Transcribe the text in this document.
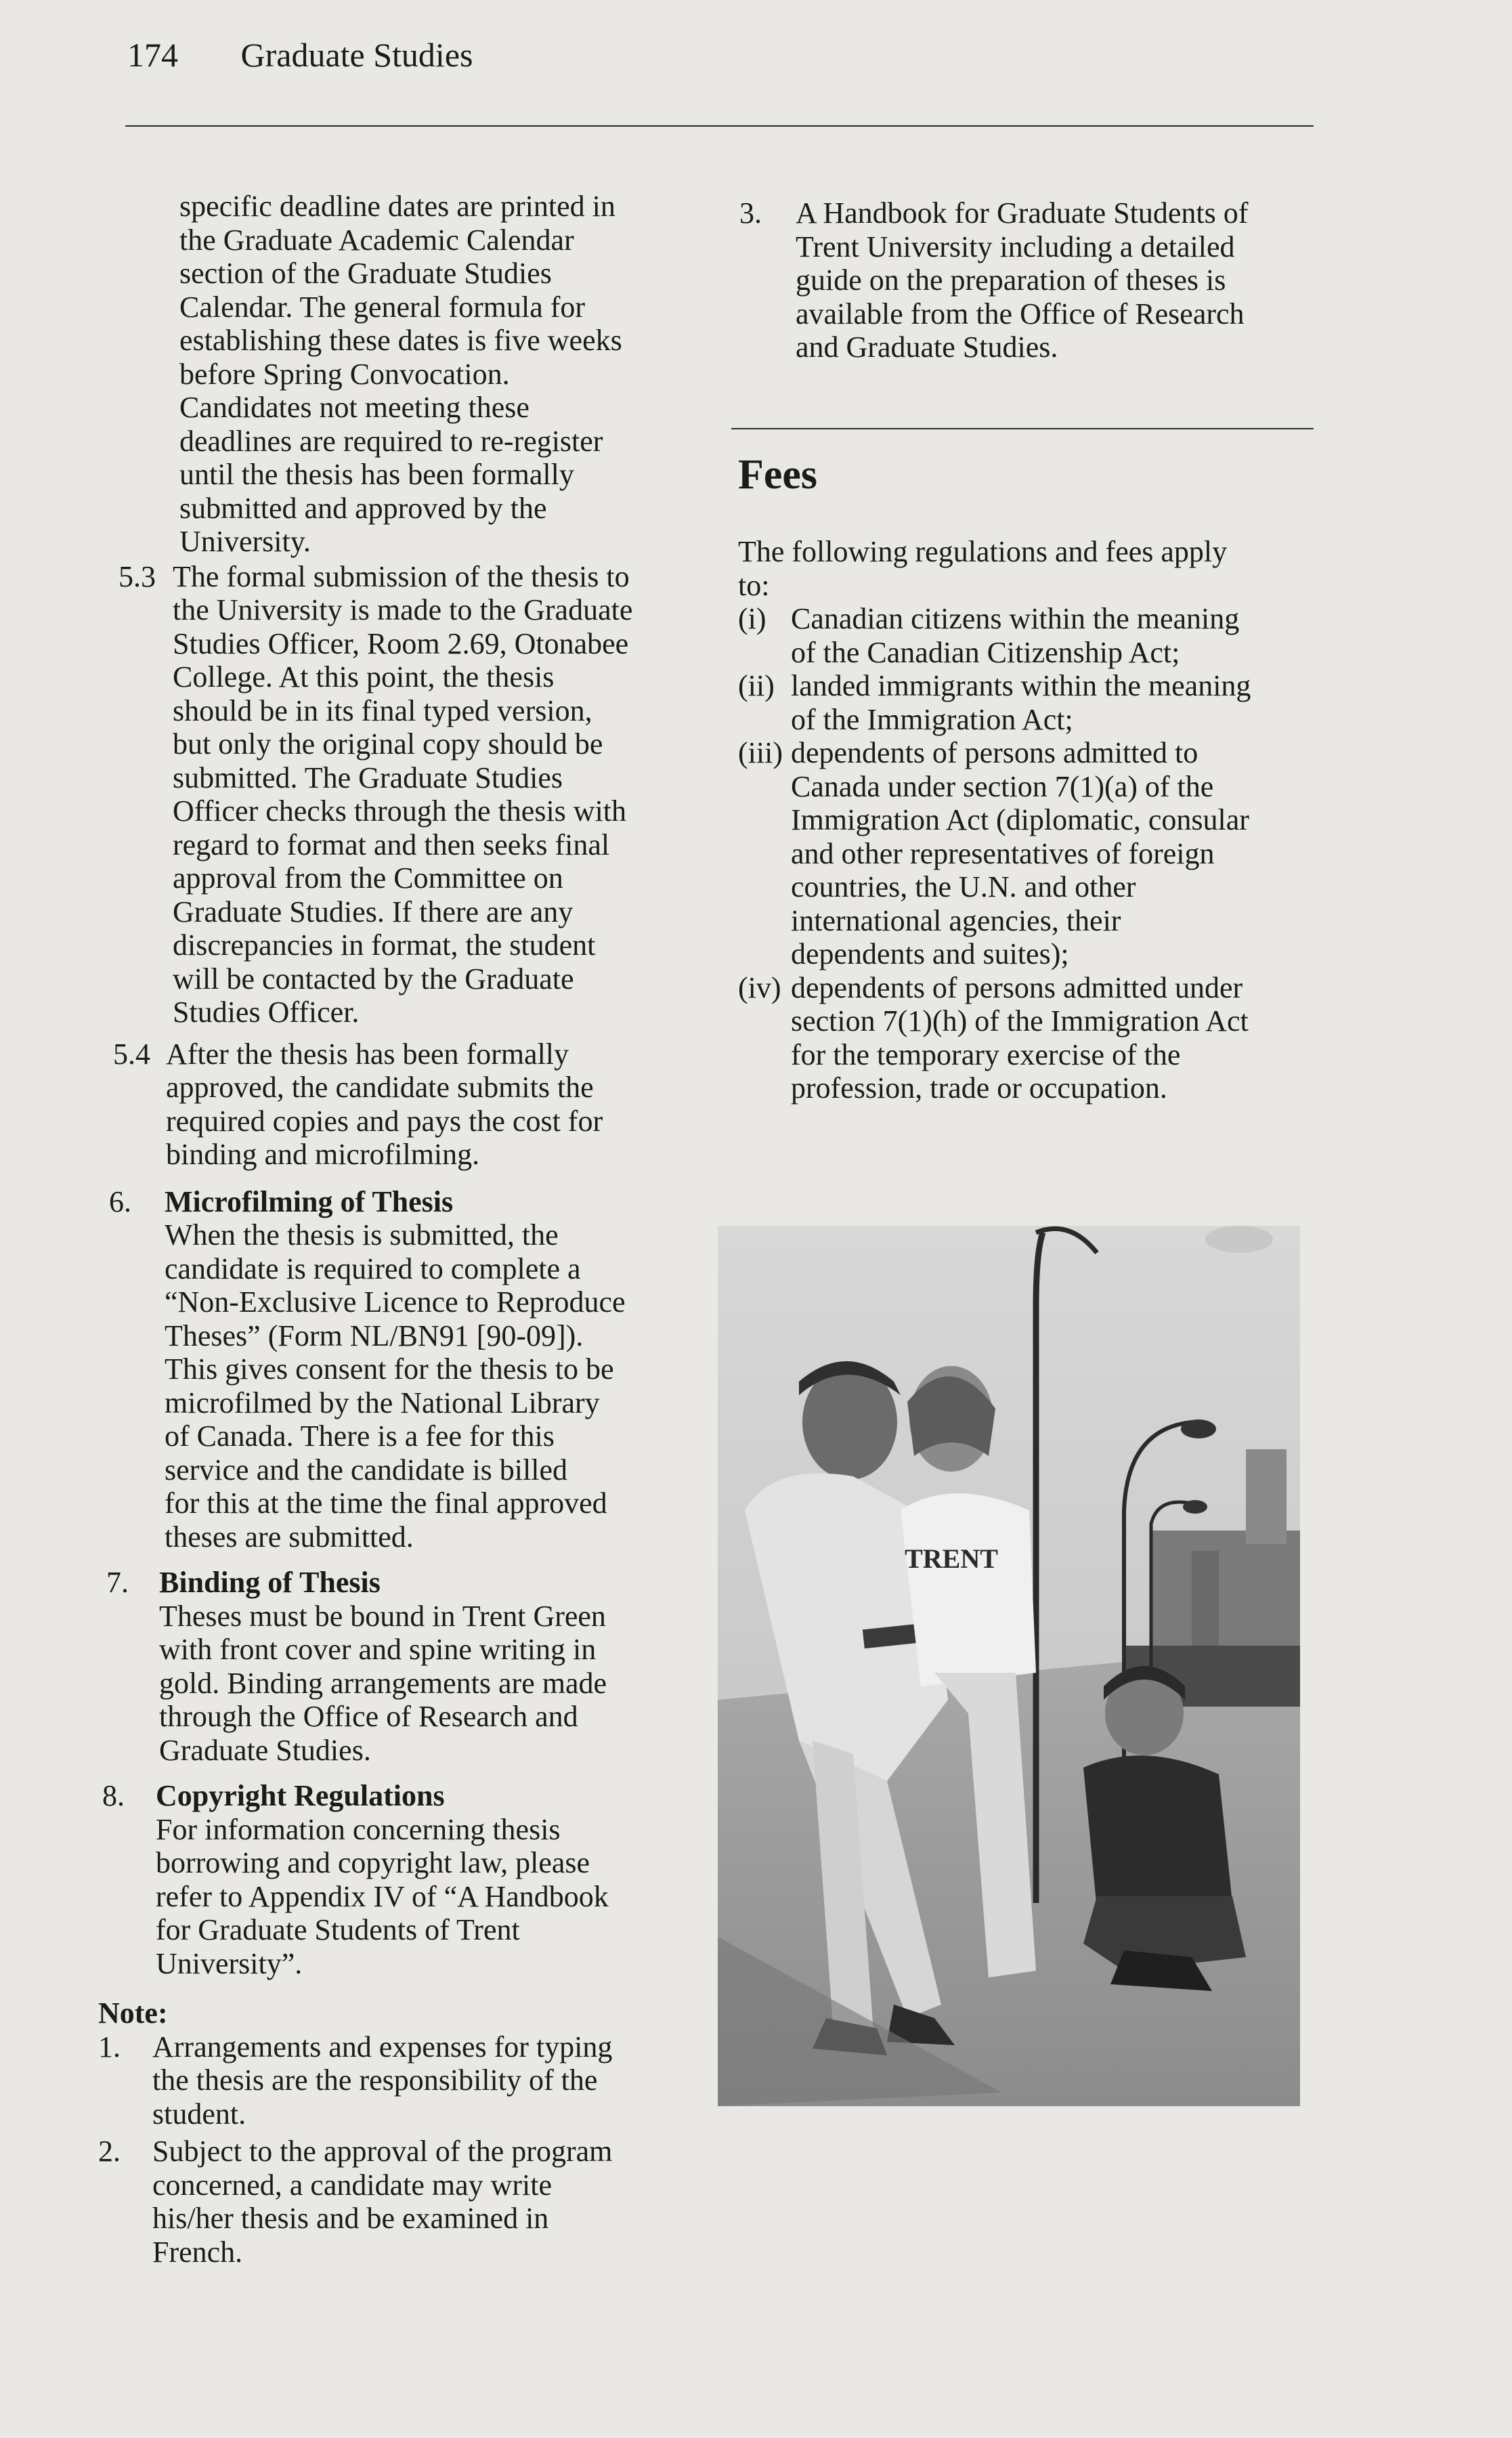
174 Graduate Studies

specific deadline dates are printed in

the Graduate Academic Calendar

section of the Graduate Studies

Calendar. The general formula for

establishing these dates is five weeks

before Spring Convocation.

Candidates not meeting these

deadlines are required to re-register

until the thesis has been formally

submitted and approved by the

University.

5.3 The formal submission of the thesis to

the University is made to the Graduate

Studies Officer, Room 2.69, Otonabee

College. At this point, the thesis

should be in its final typed version,

but only the original copy should be

submitted. The Graduate Studies

Officer checks through the thesis with

regard to format and then seeks final

approval from the Committee on

Graduate Studies. If there are any

discrepancies in format, the student

will be contacted by the Graduate

Studies Officer.

5.4 After the thesis has been formally

approved, the candidate submits the

required copies and pays the cost for

binding and microfilming.

6. Microfilming of Thesis

When the thesis is submitted, the

candidate is required to complete a

“Non-Exclusive Licence to Reproduce

Theses” (Form NL/BN91 [90-09]).

This gives consent for the thesis to be

microfilmed by the National Library

of Canada. There is a fee for this

service and the candidate is billed

for this at the time the final approved

theses are submitted.

7. Binding of Thesis

Theses must be bound in Trent Green

with front cover and spine writing in

gold. Binding arrangements are made

through the Office of Research and

Graduate Studies.

8. Copyright Regulations

For information concerning thesis

borrowing and copyright law, please

refer to Appendix IV of “A Handbook

for Graduate Students of Trent

University”.

Note:

1. Arrangements and expenses for typing

the thesis are the responsibility of the

student.

2. Subject to the approval of the program

concerned, a candidate may write

his/her thesis and be examined in

French.

3. A Handbook for Graduate Students of

Trent University including a detailed

guide on the preparation of theses is

available from the Office of Research

and Graduate Studies.

Fees

The following regulations and fees apply

to:

(i) Canadian citizens within the meaning

of the Canadian Citizenship Act;

(ii) landed immigrants within the meaning

of the Immigration Act;

(iii) dependents of persons admitted to

Canada under section 7(1)(a) of the

Immigration Act (diplomatic, consular

and other representatives of foreign

countries, the U.N. and other

international agencies, their

dependents and suites);

(iv) dependents of persons admitted under

section 7(1)(h) of the Immigration Act

for the temporary exercise of the

profession, trade or occupation.

TRENT
